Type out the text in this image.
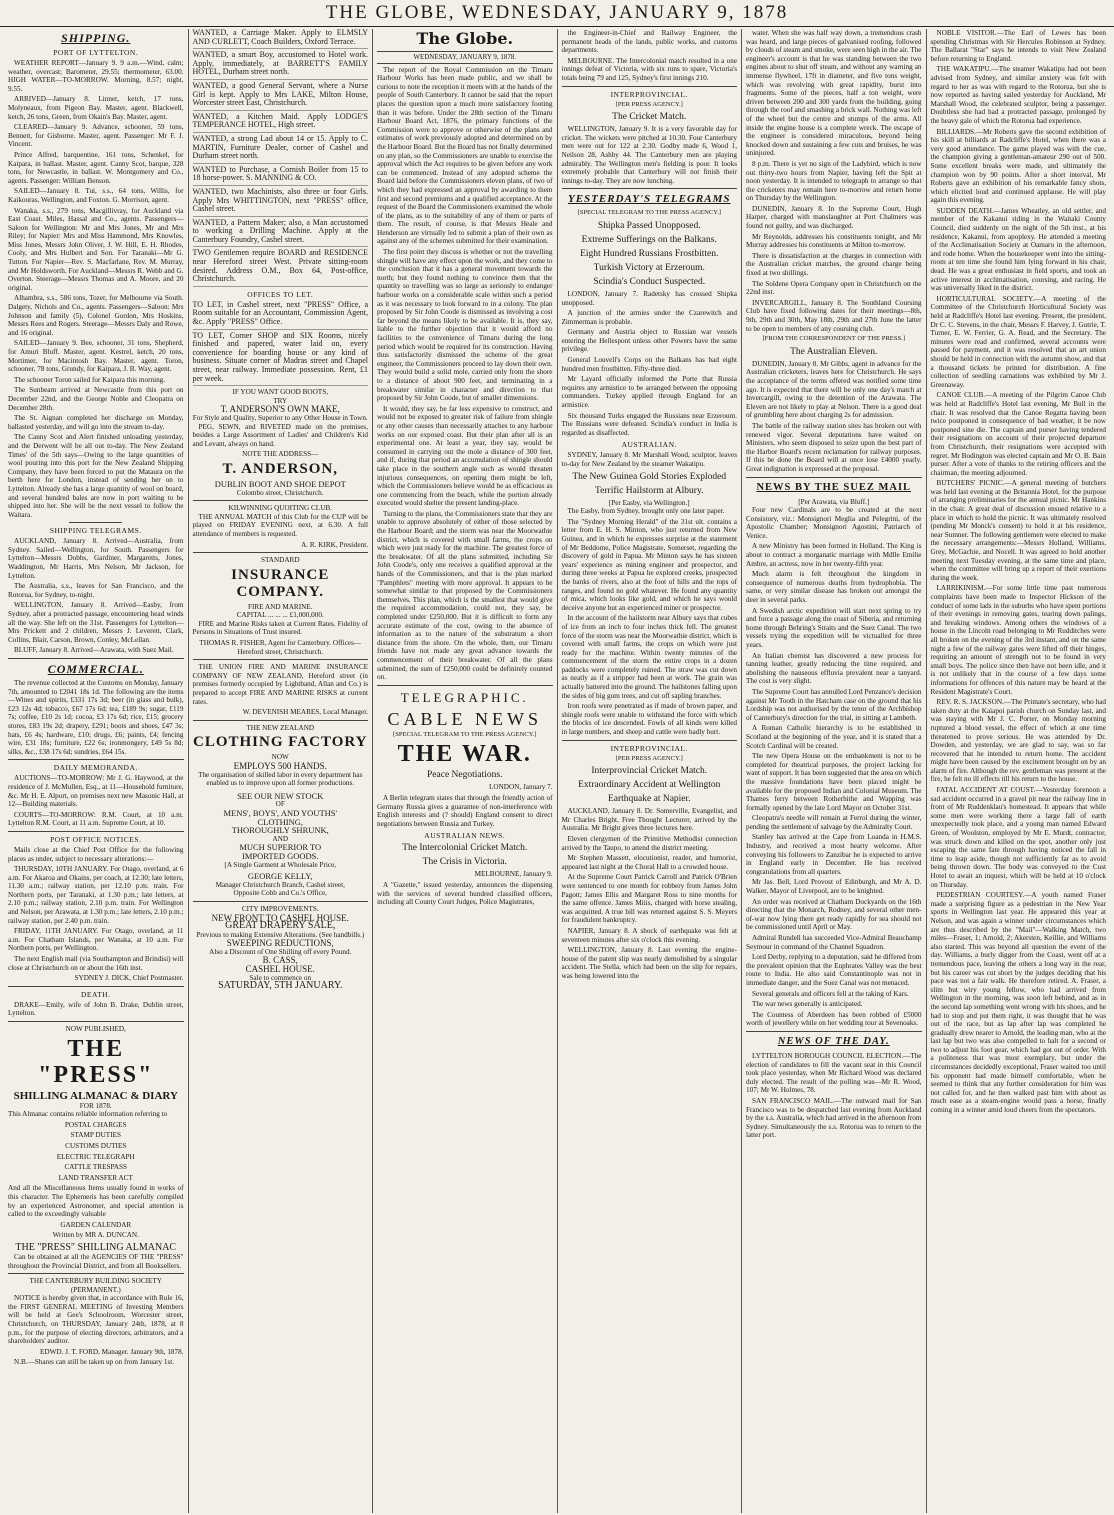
THE GLOBE, WEDNESDAY, JANUARY 9, 1878
SHIPPING.
PORT OF LYTTELTON.

WEATHER REPORT—January 9. 9 a.m.—Wind, calm; weather, overcast; Barometer, 29.55; thermometer, 63.00. HIGH WATER—TO-MORROW. Morning, 8.57; night, 9.55.

ARRIVED—January 8. Linnet, ketch, 17 tons, Molyneaux, from Pigeon Bay. Master, agent. Blackwell, ketch, 26 tons, Green, from Okain's Bay. Master, agent.

CLEARED—January 9. Advance, schooner, 59 tons, Bennett, for Gisborne. Master, agent. Passenger: Mr F. J. Vincent.

Prince Alfred, barquentine, 161 tons, Schenkel, for Kaipara, in ballast. Master, agent. Canny Scot, barque, 328 tons, for Newcastle, in ballast. W. Montgomery and Co., agents. Passenger: William Benson.

SAILED—January 8. Tui, s.s., 64 tons, Willis, for Kaikouras, Wellington, and Foxton. G. Morrison, agent.

Wanaka, s.s., 279 tons, Macgillivray, for Auckland via East Coast. Miles, Hassal and Co., agents. Passengers—Saloon for Wellington: Mr and Mrs Jones, Mr and Mrs Riley; for Napier: Mrs and Miss Hammond, Mrs Knowles, Miss Jones, Messrs John Oliver, J. W. Hill, E. H. Rhodes, Cooly, and Mrs Hulbert and Son. For Taranaki—Mr G. Tutton. For Napier—Rev. S. Macfarlane, Rev. M. Murray, and Mr Holdsworth. For Auckland—Messrs R. Webb and G. Overton. Steerage—Messrs Thomas and A. Moore, and 20 original.

Alhambra, s.s., 586 tons, Tozer, for Melbourne via South. Dalgety, Nichols and Co., agents. Passengers—Saloon: Mrs Johnson and family (5), Colonel Gordon, Mrs Hoskins, Messrs Rees and Rogers. Steerage—Messrs Daly and Rowe, and 16 original.

SAILED—January 9. Bee, schooner, 31 tons, Shepherd, for Amuri Bluff. Master, agent. Kestrel, ketch, 20 tons, Mortimer, for Macintosh Bay. Master, agent. Toron, schooner, 78 tons, Grundy, for Kaipara, J. B. Way, agent.

The schooner Toron sailed for Kaipara this morning.

The Sunbeam arrived at Newcastle from this port on December 22nd, and the George Noble and Cleopatra on December 28th.

The St. Aignan completed her discharge on Monday, ballasted yesterday, and will go into the stream to-day.

The Canny Scot and Alert finished unloading yesterday, and the Derwent will be all out to-day. The New Zealand Times' of the 5th says—Owing to the large quantities of wool pouring into this port for the New Zealand Shipping Company, they have been forced to put the Mataura on the berth here for London, instead of sending her on to Lyttelton. Already she has a large quantity of wool on board, and several hundred bales are now in port waiting to be shipped into her. She will be the next vessel to follow the Waitara.

SHIPPING TELEGRAMS.

AUCKLAND, January 8. Arrived—Australia, from Sydney. Sailed—Wellington, for South. Passengers for Lyttelton—Messrs Dobbs, Gardiner, Margaretts, Jones, Waddington, Mr Harris, Mrs Nelson, Mr Jackson, for Lyttelton.

The Australia, s.s., leaves for San Francisco, and the Rotorua, for Sydney, to-night.

WELLINGTON, January 8. Arrived—Easby, from Sydney, after a protracted passage, encountering head winds all the way. She left on the 31st. Passengers for Lyttelton—Mrs Prickett and 2 children, Messrs J. Leverett, Clark, Collins, Blair, Carson, Brown, Conley, McLellan.

BLUFF, January 8. Arrived—Arawata, with Suez Mail.

COMMERCIAL.

The revenue collected at the Customs on Monday, January 7th, amounted to £2041 18s 1d. The following are the items—Wines and spirits, £331 17s 3d; beer (in glass and bulk), £23 12s 4d; tobacco, £67 17s 6d; tea, £189 9s; sugar, £119 7s; coffee, £10 2s 1d; cocoa, £3 17s 6d; rice, £15; grocery stores, £83 19s 2d; drapery, £291; boots and shoes, £47 3s; hats, £6 4s; hardware, £10; drugs, £6; paints, £4; fencing wire, £31 18s; furniture, £22 6s; ironmongery, £49 5s 8d; silks, &c., £38 17s 6d; sundries, £64 15s.

DAILY MEMORANDA.

AUCTIONS—TO-MORROW: Mr J. G. Haywood, at the residence of J. McMullen, Esq., at 11—Household furniture, &c. Mr H. E. Alport, on premises next new Masonic Hall, at 12—Building materials.

COURTS—TO-MORROW: R.M. Court, at 10 a.m. Lyttelton R.M. Court, at 11 a.m. Supreme Court, at 10.

POST OFFICE NOTICES.

Mails close at the Chief Post Office for the following places as under, subject to necessary alterations:—

THURSDAY, 10TH JANUARY. For Otago, overland, at 6 a.m. For Akaroa and Okains, per coach, at 12.30; late letters, 11.30 a.m.; railway station, per 12.10 p.m. train. For Northern ports, per Taranaki, at 1.30 p.m.; late letters, at 2.10 p.m.; railway station, 2.10 p.m. train. For Wellington and Nelson, per Arawata, at 1.30 p.m.; late letters, 2.10 p.m.; railway station, per 2.40 p.m. train.

FRIDAY, 11TH JANUARY. For Otago, overland, at 11 a.m. For Chatham Islands, per Wanaka, at 10 a.m. For Northern ports, per Wellington.

The next English mail (via Southampton and Brindisi) will close at Christchurch on or about the 16th inst.

SYDNEY J. DICK, Chief Postmaster.

DEATH.

DRAKE—Emily, wife of John B. Drake, Dublin street, Lyttelton.

NOW PUBLISHED,
THE "PRESS"
SHILLING ALMANAC & DIARY
FOR 1878.

This Almanac contains reliable information referring to

POSTAL CHARGES

STAMP DUTIES

CUSTOMS DUTIES

ELECTRIC TELEGRAPH

CATTLE TRESPASS

LAND TRANSFER ACT

And all the Miscellaneous Items usually found in works of this character. The Ephemeris has been carefully compiled by an experienced Astronomer, and special attention is called to the exceedingly valuable

GARDEN CALENDAR

Written by MR A. DUNCAN.

THE "PRESS" SHILLING ALMANAC

Can be obtained at all the AGENCIES OF THE "PRESS" throughout the Provincial District, and from all Booksellers.

THE CANTERBURY BUILDING SOCIETY (PERMANENT.)

NOTICE is hereby given that, in accordance with Rule 16, the FIRST GENERAL MEETING of Investing Members will be held at Gee's Schoolroom, Worcester street, Christchurch, on THURSDAY, January 24th, 1878, at 8 p.m., for the purpose of electing directors, arbitrators, and a shareholders' auditor.

EDWD. J. T. FORD, Manager. January 9th, 1878.

N.B.—Shares can still be taken up on from January 1st.

WANTED, a Carriage Maker. Apply to ELMSLY AND CURLETT, Coach Builders, Oxford Terrace.
WANTED, a smart Boy, accustomed to Hotel work. Apply, immediately, at BARRETT'S FAMILY HOTEL, Durham street north.
WANTED, a good General Servant, where a Nurse Girl is kept. Apply to Mrs LAKE, Milton House, Worcester street East, Christchurch.
WANTED, a Kitchen Maid. Apply LODGE'S TEMPERANCE HOTEL, High street.
WANTED, a strong Lad about 14 or 15. Apply to C. MARTIN, Furniture Dealer, corner of Cashel and Durham street north.
WANTED to Purchase, a Cornish Boiler from 15 to 18 horse-power. S. MANNING & CO.
WANTED, two Machinists, also three or four Girls. Apply Mrs WHITTINGTON, next "PRESS" office, Cashel street.
WANTED, a Pattern Maker; also, a Man accustomed to working a Drilling Machine. Apply at the Canterbury Foundry, Cashel street.
TWO Gentlemen require BOARD and RESIDENCE near Hereford street West. Private sitting-room desired. Address O.M., Box 64, Post-office, Christchurch.
OFFICES TO LET.
TO LET, in Cashel street, next "PRESS" Office, a Room suitable for an Accountant, Commission Agent, &c. Apply "PRESS" Office.
TO LET, Corner SHOP and SIX Rooms, nicely finished and papered, water laid on, every convenience for boarding house or any kind of business. Situate corner of Madras street and Chapel street, near railway. Immediate possession. Rent, £1 per week.
IF YOU WANT GOOD BOOTS,
TRY
T. ANDERSON'S OWN MAKE,
For Style and Quality, Superior to any Other House in Town.

PEG, SEWN, and RIVETED made on the premises, besides a Large Assortment of Ladies' and Children's Kid and Levant, always on hand.

NOTE THE ADDRESS—
T. ANDERSON,
DUBLIN BOOT AND SHOE DEPOT
Colombo street, Christchurch.
KILWINNING QUOITING CLUB.

THE ANNUAL MATCH of this Club for the CUP will be played on FRIDAY EVENING next, at 6.30. A full attendance of members is requested.

A. R. KIRK, President.

STANDARD
INSURANCE COMPANY.
FIRE AND MARINE.
CAPITAL ... ... ... £1,000,000.

FIRE and Marine Risks taken at Current Rates. Fidelity of Persons in Situations of Trust insured.

THOMAS R. FISHER, Agent for Canterbury. Offices—Hereford street, Christchurch.

THE UNION FIRE AND MARINE INSURANCE COMPANY OF NEW ZEALAND, Hereford street (in premises formerly occupied by Lightband, Allan and Co.) is prepared to accept FIRE AND MARINE RISKS at current rates.

W. DEVENISH MEARES, Local Manager.

THE NEW ZEALAND
CLOTHING FACTORY
NOW
EMPLOYS 500 HANDS.

The organisation of skilled labor in every department has enabled us to improve upon all former productions.

SEE OUR NEW STOCK
OF
MENS', BOYS', AND YOUTHS'
CLOTHING,
THOROUGHLY SHRUNK,
AND
MUCH SUPERIOR TO
IMPORTED GOODS.
[A Single Garment at Wholesale Price,
GEORGE KELLY,
Manager Christchurch Branch, Cashel street,
Opposite Cobb and Co.'s Office,
CITY IMPROVEMENTS.
NEW FRONT TO CASHEL HOUSE.
GREAT DRAPERY SALE,
Previous to making Extensive Alterations. (See handbills.)
SWEEPING REDUCTIONS,
Also a Discount of One Shilling off every Pound.
B. CASS,
CASHEL HOUSE.
Sale to commence on
SATURDAY, 5TH JANUARY.
The Globe.
WEDNESDAY, JANUARY 9, 1878.

The report of the Royal Commission on the Timaru Harbour Works has been made public, and we shall be curious to note the reception it meets with at the hands of the people of South Canterbury. It cannot be said that the report places the question upon a much more satisfactory footing than it was before. Under the 28th section of the Timaru Harbour Board Act, 1876, the primary functions of the Commission were to approve or otherwise of the plans and estimates of work previously adopted and determined on by the Harbour Board. But the Board has not finally determined on any plan, so the Commissioners are unable to exercise the approval which the Act requires to be given before any work can be commenced. Instead of any adopted scheme the Board laid before the Commissioners eleven plans, of two of which they had expressed an approval by awarding to them first and second premiums and a qualified acceptance. At the request of the Board the Commissioners examined the whole of the plans, as to the suitability of any of them or parts of them. The result, of course, is that Messrs Heale and Henderson are virtually led to submit a plan of their own as against any of the schemes submitted for their examination.

The first point they discuss is whether or not the travelling shingle will have any effect upon the work, and they come to the conclusion that it has a general movement towards the north; but they found nothing to convince them that the quantity so travelling was so large as seriously to endanger harbour works on a considerable scale within such a period as it was necessary to look forward to in a colony. The plan proposed by Sir John Coode is dismissed as involving a cost far beyond the means likely to be available. It is, they say, liable to the further objection that it would afford no facilities to the convenience of Timaru during the long period which would be required for its construction. Having thus satisfactorily dismissed the scheme of the great engineer, the Commissioners proceed to lay down their own. They would build a solid mole, carried only from the shore to a distance of about 900 feet, and terminating in a breakwater similar in character and direction to that proposed by Sir John Coode, but of smaller dimensions.

It would, they say, be far less expensive to construct, and would not be exposed to greater risk of failure from shingle or any other causes than necessarily attaches to any harbour works on our exposed coast. But their plan after all is an experimental one. At least a year, they say, would be consumed in carrying out the mole a distance of 300 feet, and if, during that period an accumulation of shingle should take place in the southern angle such as would threaten injurious consequences, on opening them might be left, which the Commissioners believe would be as efficacious as one commencing from the beach, while the portion already executed would shelter the present landing-place.

Turning to the plans, the Commissioners state that they are unable to approve absolutely of either of those selected by the Harbour Board; and the storm was near the Moorwathie district, which is covered with small farms, the crops on which were just ready for the machine. The greatest force of the breakwater. Of all the plans submitted, including Sir John Coode's, only one receives a qualified approval at the hands of the Commissioners, and that is the plan marked "Pamphlets" meeting with more approval. It appears to be somewhat similar to that proposed by the Commissioners themselves. This plan, which is the smallest that would give the required accommodation, could not, they say, be completed under £250,000. But it is difficult to form any accurate estimate of the cost, owing to the absence of information as to the nature of the substratum a short distance from the shore. On the whole, then, our Timaru friends have not made any great advance towards the commencement of their breakwater. Of all the plans submitted, the sum of £250,000 could be definitely counted on.

TELEGRAPHIC.
CABLE NEWS
[SPECIAL TELEGRAM TO THE PRESS AGENCY.]
THE WAR.
Peace Negotiations.

LONDON, January 7.

A Berlin telegram states that through the friendly action of Germany Russia gives a guarantee of non-interference with English interests and (? should) England consent to direct negotiations between Russia and Turkey.

AUSTRALIAN NEWS.
The Intercolonial Cricket Match.
The Crisis in Victoria.

MELBOURNE, January 9.

A "Gazette," issued yesterday, announces the dispensing with the services of several hundred classified officers, including all County Court Judges, Police Magistrates,

the Engineer-in-Chief and Railway Engineer, the permanent heads of the lands, public works, and customs departments.

MELBOURNE. The Intercolonial match resulted in a one innings defeat of Victoria, with six runs to spare, Victoria's totals being 79 and 125, Sydney's first innings 210.

INTERPROVINCIAL.
[PER PRESS AGENCY.]
The Cricket Match.

WELLINGTON, January 9. It is a very favorable day for cricket. The wickets were pitched at 10.30. Four Canterbury men were out for 122 at 2.30. Godby made 6, Wood 1, Neilson 28, Ashby 44. The Canterbury men are playing admirably. The Wellington men's fielding is poor. It looks extremely probable that Canterbury will not finish their innings to-day. They are now lunching.

YESTERDAY'S TELEGRAMS
[SPECIAL TELEGRAM TO THE PRESS AGENCY.]
Shipka Passed Unopposed.
Extreme Sufferings on the Balkans.
Eight Hundred Russians Frostbitten.
Turkish Victory at Erzeroum.
Scindia's Conduct Suspected.

LONDON, January 7. Radetsky has crossed Shipka unopposed.

A junction of the armies under the Czarewitch and Zimmerman is probable.

Germany and Austria object to Russian war vessels entering the Hellespont unless other Powers have the same privilege.

General Louvell's Corps on the Balkans has bad eight hundred men frostbitten. Fifty-three died.

Mr Layard officially informed the Porte that Russia requires any armistice to be arranged between the opposing commanders. Turkey applied through England for an armistice.

Six thousand Turks engaged the Russians near Erzeroum. The Russians were defeated. Scindia's conduct in India is regarded as disaffected.

AUSTRALIAN.

SYDNEY, January 8. Mr Marshall Wood, sculptor, leaves to-day for New Zealand by the steamer Wakatipu.

The New Guinea Gold Stories Exploded
Terrific Hailstorm at Albury.
[Per Easby, via Wellington.]

The Easby, from Sydney, brought only one later paper.

The "Sydney Morning Herald" of the 31st ult. contains a letter from E. H. S. Minton, who just returned from New Guinea, and in which he expresses surprise at the statement of Mr Beddome, Police Magistrate, Somerset, regarding the discovery of gold in Papua. Mr Minton says he has sixteen years' experience as mining engineer and prospector, and during three weeks at Papua he explored creeks, prospected the banks of rivers, also at the foot of hills and the tops of ranges, and found no gold whatever. He found any quantity of mica, which looks like gold, and which he says would deceive anyone but an experienced miner or prospector.

In the account of the hailstorm near Albury says that cubes of ice from an inch to four inches thick fell. The greatest force of the storm was near the Moorwathie district, which is covered with small farms, the crops on which were just ready for the machine. Within twenty minutes of the commencement of the storm the entire crops in a dozen paddocks were completely ruined. The straw was cut down as neatly as if a stripper had been at work. The grain was actually battered into the ground. The hailstones falling upon the sides of big gum trees, and cut off sapling branches.

Iron roofs were penetrated as if made of brown paper, and shingle roofs were unable to withstand the force with which the blocks of ice descended. Fowls of all kinds were killed in large numbers, and sheep and cattle were badly hurt.

INTERPROVINCIAL.
[PER PRESS AGENCY.]
Interprovincial Cricket Match.
Extraordinary Accident at Wellington
Earthquake at Napier.

AUCKLAND, January 8. Dr. Somerville, Evangelist, and Mr Charles Bright, Free Thought Lecturer, arrived by the Australia. Mr Bright gives three lectures here.

Eleven clergymen of the Primitive Methodist connection arrived by the Taupo, to attend the district meeting.

Mr Stephen Massett, elocutionist, reader, and humorist, appeared last night at the Choral Hall to a crowded house.

At the Supreme Court Patrick Carroll and Patrick O'Brien were sentenced to one month for robbery from James John Pagott; James Ellis and Margaret Ross to nine months for the same offence. James Miiis, charged with horse stealing, was acquitted. A true bill was returned against S. S. Meyers for fraudulent bankruptcy.

NAPIER, January 8. A shock of earthquake was felt at seventeen minutes after six o'clock this evening.

WELLINGTON, January 8. Last evening the engine-house of the patent slip was nearly demolished by a singular accident. The Stella, which had been on the slip for repairs, was being lowered into the

water. When she was half way down, a tremendous crash was heard, and large pieces of galvanised roofing, followed by clouds of steam and smoke, were seen high in the air. The engineer's account is that he was standing between the two engines about to shut off steam, and without any warning an immense flywheel, 17ft in diameter, and five tons weight, which was revolving with great rapidity, burst into fragments. Some of the pieces, half a ton weight, were driven between 200 and 300 yards from the building, going through the roof and smashing a brick wall. Nothing was left of the wheel but the centre and stumps of the arms. All inside the engine house is a complete wreck. The escape of the engineer is considered miraculous, beyond being knocked down and sustaining a few cuts and bruises, he was uninjured.

8 p.m. There is yet no sign of the Ladybird, which is now out thirty-two hours from Napier, having left the Spit at noon yesterday. It is intended to telegraph to arrange so that the cricketers may remain here to-morrow and return home on Thursday by the Wellington.

DUNEDIN, January 8. In the Supreme Court, Hugh Harper, charged with manslaughter at Port Chalmers was found not guilty, and was discharged.

Mr Reynolds, addresses his constituents tonight, and Mr Murray addresses his constituents at Milton to-morrow.

There is dissatisfaction at the charges in connection with the Australian cricket matches, the ground charge being fixed at two shillings.

The Soldene Opera Company open in Christchurch on the 22nd inst.

INVERCARGILL, January 8. The Southland Coursing Club have fixed following dates for their meetings—8th, 9th, 29th and 30th, May 18th, 29th and 27th June the latter to be open to members of any coursing club.

[FROM THE CORRESPONDENT OF THE PRESS.]
The Australian Eleven.

DUNEDIN, January 8. Mr Gibbs, agent in advance for the Australian cricketers, leaves here for Christchurch. He says the acceptance of the terms offered was notified some time ago. It is expected that there will be only one day's match at Invercargill, owing to the detention of the Arawata. The Eleven are not likely to play at Nelson. There is a good deal of grumbling here about charging 2s for admission.

The battle of the railway station sites has broken out with renewed vigor. Several deputations have waited on Ministers, who seem disposed to seize upon the best part of the Harbor Board's recent reclamation for railway purposes. If this be done the Board will at once lose £4000 yearly. Great indignation is expressed at the proposal.

NEWS BY THE SUEZ MAIL
[Per Arawata, via Bluff.]

Four new Cardinals are to be created at the next Consistory, viz.: Monsignori Meglia and Pelegrini, of the Apostolic Chamber; Monsignori Agostini, Patriarch of Venice.

A new Ministry has been formed in Holland. The King is about to contract a morganatic marriage with Mdlle Emilie Ambre, an actress, now in her twenty-fifth year.

Much alarm is felt throughout the kingdom in consequence of numerous deaths from hydrophobia. The same, or very similar disease has broken out amongst the deer in several parks.

A Swedish arctic expedition will start next spring to try and force a passage along the coast of Siberia, and returning home through Behring's Straits and the Suez Canal. The two vessels trying the expedition will be victualled for three years.

An Italian chemist has discovered a new process for tanning leather, greatly reducing the time required, and abolishing the nauseous effluvia prevalent near a tanyard. The cost is very slight.

The Supreme Court has annulled Lord Penzance's decision against Mr Tooth in the Hatcham case on the ground that his Lordship was not authorised by the tenor of the Archbishop of Canterbury's direction for the trial, in sitting at Lambeth.

A Roman Catholic hierarchy is to be established in Scotland at the beginning of the year, and it is stated that a Scotch Cardinal will be created.

The new Opera House on the embankment is not to be completed for theatrical purposes, the project lacking for want of support. It has been suggested that the area on which the massive foundations have been placed might be available for the proposed Indian and Colonial Museum. The Thames ferry between Rotherhithe and Wapping was formally opened by the late Lord Mayor on October 31st.

Cleopatra's needle will remain at Ferrol during the winter, pending the settlement of salvage by the Admiralty Court.

Stanley has arrived at the Cape from Loanda in H.M.S. Industry, and received a most hearty welcome. After conveying his followers to Zanzibar he is expected to arrive in England early in December. He has received congratulations from all quarters.

Mr Jas. Bell, Lord Provost of Edinburgh, and Mr A. D. Walker, Mayor of Liverpool, are to be knighted.

An order was received at Chatham Dockyards on the 16th directing that the Monarch, Rodney, and several other men-of-war now lying there get ready rapidly for sea should not be commissioned until April or May.

Admiral Rundell has succeeded Vice-Admiral Beauchamp Seymour in command of the Channel Squadron.

Lord Derby, replying to a deputation, said he differed from the prevalent opinion that the Euphrates Valley was the best route to India. He also said Constantinople was not in immediate danger, and the Suez Canal was not menaced.

Several generals and officers fell at the taking of Kars.

The war news generally is anticipated.

The Countess of Aberdeen has been robbed of £5000 worth of jewellery while on her wedding tour at Sevenoaks.

NEWS OF THE DAY.

LYTTELTON BOROUGH COUNCIL ELECTION.—The election of candidates to fill the vacant seat in this Council took place yesterday, when Mr Richard Wood was declared duly elected. The result of the polling was—Mr R. Wood, 107; Mr W. Holmes, 78.

SAN FRANCISCO MAIL.—The outward mail for San Francisco was to be despatched last evening from Auckland by the s.s. Australia, which had arrived in the afternoon from Sydney. Simultaneously the s.s. Rotorua was to return to the latter port.

NOBLE VISITOR.—The Earl of Lewes has been spending Christmas with Sir Hercules Robinson at Sydney. The Ballarat "Star" says he intends to visit New Zealand before returning to England.

THE WAKATIPU.—The steamer Wakatipu had not been advised from Sydney, and similar anxiety was felt with regard to her as was with regard to the Rotorua, but she is now reported as having sailed yesterday for Auckland, Mr Marshall Wood, the celebrated sculptor, being a passenger. Doubtless she had had a protracted passage, prolonged by the heavy gale of which the Rotorua had experience.

BILLIARDS.—Mr Roberts gave the second exhibition of his skill at billiards at Radcliffe's Hotel, when there was a very good attendance. The game played was with the cue, the champion giving a gentleman-amateur 290 out of 500. Some excellent breaks were made, and ultimately the champion won by 90 points. After a short interval, Mr Roberts gave an exhibition of his remarkable fancy shots, which elicited loud and continued applause. He will play again this evening.

SUDDEN DEATH.—James Wheatley, an old settler, and member of the Kakanui riding in the Waitaki County Council, died suddenly on the night of the 5th inst., at his residence, Kakanui, from apoplexy. He attended a meeting of the Acclimatisation Society at Oamaru in the afternoon, and rode home. When the housekeeper went into the sitting-room at ten time she found him lying forward in his chair, dead. He was a great enthusiast in field sports, and took an active interest in acclimatisation, coursing, and racing. He was universally liked in the district.

HORTICULTURAL SOCIETY.—A meeting of the Committee of the Christchurch Horticultural Society was held at Radcliffe's Hotel last evening. Present, the president, Dr C. C. Stevens, in the chair, Messrs F. Harvey, J. Gutrie, T. Turner, E. W. Ferrier, G. A. Read, and the Secretary. The minutes were read and confirmed, several accounts were passed for payment, and it was resolved that an art union should be held in connection with the autumn show, and that a thousand tickets be printed for distribution. A fine collection of seedling carnations was exhibited by Mr J. Greenaway.

CANOE CLUB.—A meeting of the Pilgrim Canoe Club was held at Radcliffe's Hotel last evening, Mr Bull in the chair. It was resolved that the Canoe Regatta having been twice postponed in consequence of bad weather, it be now postponed sine die. The captain and purser having tendered their resignations on account of their projected departure from Christchurch, their resignations were accepted with regret. Mr Bodington was elected captain and Mr O. B. Bain purser. After a vote of thanks to the retiring officers and the chairman, the meeting adjourned.

BUTCHERS' PICNIC.—A general meeting of butchers was held last evening at the Britannia Hotel, for the purpose of arranging preliminaries for the annual picnic. Mr Hankins in the chair. A great deal of discussion ensued relative to a place in which to hold the picnic. It was ultimately resolved (pending Mr Monck's consent) to hold it at his residence, near Sumner. The following gentlemen were elected to make the necessary arrangements:—Messrs Holland, Williams, Grey, McGachie, and Nocell. It was agreed to hold another meeting next Tuesday evening, at the same time and place, when the committee will bring up a report of their exertions during the week.

LARRIKINISM.—For some little time past numerous complaints have been made to Inspector Hickson of the conduct of some lads in the suburbs who have spent portions of their evenings in removing gates, tearing down palings, and breaking windows. Among others the windows of a house in the Lincoln road belonging to Mr Rudditches were all broken on the evening of the 3rd instant, and on the same night a few of the railway gates were lifted off their hinges, requiring an amount of strength not to be found in very small boys. The police since then have not been idle, and it is not unlikely that in the course of a few days some informations for offences of this nature may be heard at the Resident Magistrate's Court.

REV. R. S. JACKSON.—The Primate's secretary, who had taken duty at the Kaiapoi parish church on Sunday last, and was staying with Mr J. C. Porter, on Monday morning ruptured a blood vessel, the effect of which at one time threatened to prove serious. He was attended by Dr. Dowden, and yesterday, we are glad to say, was so far recovered that he intended to return home. The accident might have been caused by the excitement brought on by an alarm of fire. Although the rev. gentleman was present at the fire, he felt no ill effects till his return to the house.

FATAL ACCIDENT AT COUST.—Yesterday forenoon a sad accident occurred in a gravel pit near the railway line in front of Mr Ruddenklau's homestead. It appears that while some men were working there a large fall of earth unexpectedly took place, and a young man named Edward Green, of Woolston, employed by Mr E. Murdt, contractor, was struck down and killed on the spot, another only just escaping the same fate through having noticed the fall in time to leap aside, though not sufficiently far as to avoid being thrown down. The body was conveyed to the Cust Hotel to await an inquest, which will be held at 10 o'clock on Thursday.

PEDESTRIAN COURTESY.—A youth named Fraser made a surprising figure as a pedestrian in the New Year sports in Wellington last year. He appeared this year at Nelson, and was again a winner under circumstances which are thus described by the "Mail"—Walking Match, two miles—Fraser, 1; Arnold, 2; Akersten, Keillie, and Williams also started. This was beyond all question the event of the day. Williams, a burly digger from the Coast, went off at a tremendous pace, leaving the others a long way in the rear, but his career was cut short by the judges deciding that his pace was not a fair walk. He therefore retired. A. Fraser, a slim but wiry young fellow, who had arrived from Wellington in the morning, was soon left behind, and as in the second lap something went wrong with his shoes, and he had to stop and put them right, it was thought that he was out of the race, but as lap after lap was completed he gradually drew nearer to Arnold, the leading man, who at the last lap but two was also compelled to halt for a second or two to adjust his foot gear, which had got out of order. With a politeness that was most exemplary, but under the circumstances decidedly exceptional, Fraser waited too until his opponent had made himself comfortable, when he seemed to think that any further consideration for him was not called for, and he then walked past him with about as much ease as a steam-engine would pass a horse, finally coming in a winner amid loud cheers from the spectators.
